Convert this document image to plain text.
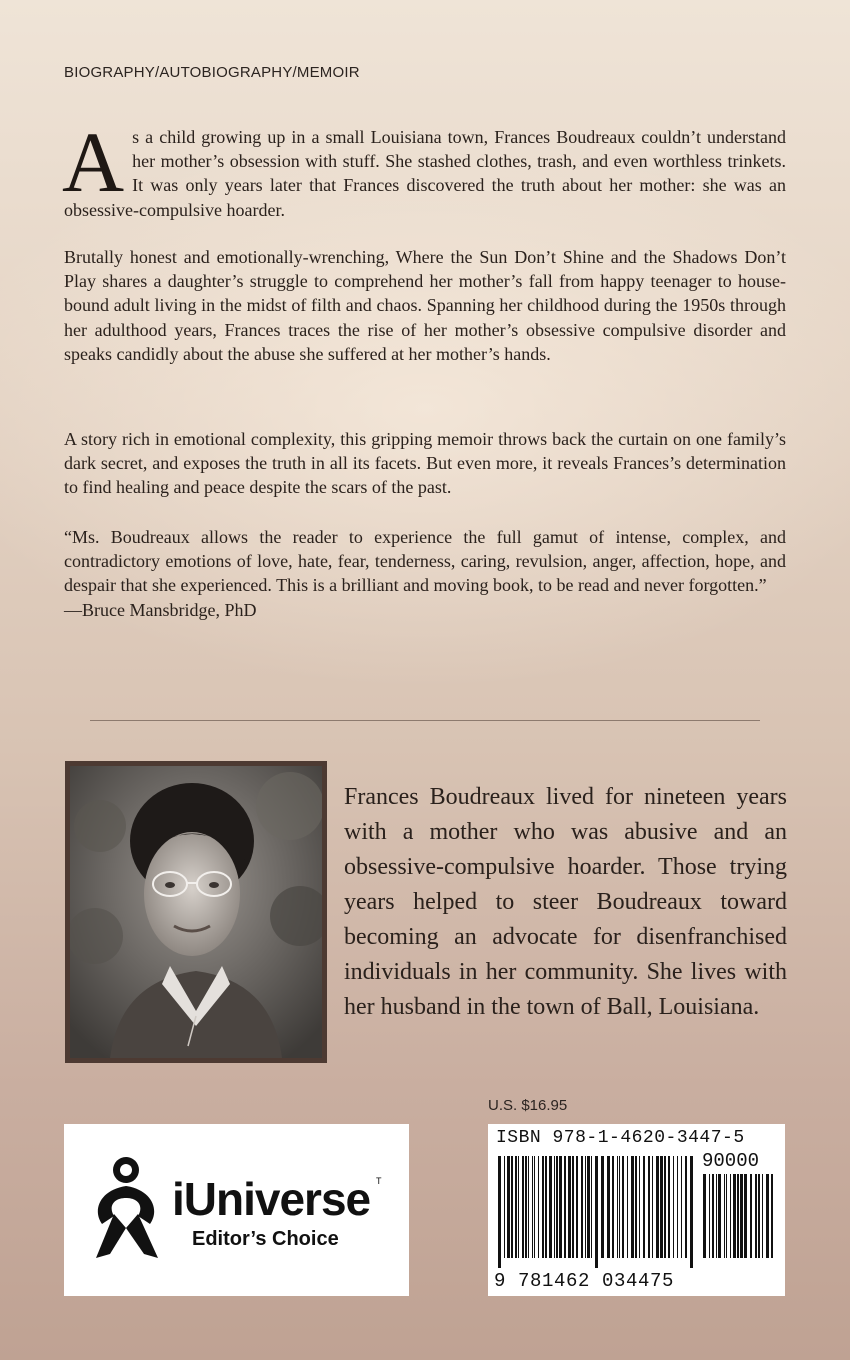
BIOGRAPHY/AUTOBIOGRAPHY/MEMOIR

As a child growing up in a small Louisiana town, Frances Boudreaux couldn’t understand her mother’s obsession with stuff. She stashed clothes, trash, and even worthless trinkets. It was only years later that Frances discovered the truth about her mother: she was an obsessive-compulsive hoarder.

Brutally honest and emotionally-wrenching, Where the Sun Don’t Shine and the Shadows Don’t Play shares a daughter’s struggle to comprehend her mother’s fall from happy teenager to house-bound adult living in the midst of filth and chaos. Spanning her childhood during the 1950s through her adulthood years, Frances traces the rise of her mother’s obsessive compulsive disorder and speaks candidly about the abuse she suffered at her mother’s hands.

A story rich in emotional complexity, this gripping memoir throws back the curtain on one family’s dark secret, and exposes the truth in all its facets. But even more, it reveals Frances’s determination to find healing and peace despite the scars of the past.

“Ms. Boudreaux allows the reader to experience the full gamut of intense, complex, and contradictory emotions of love, hate, fear, tenderness, caring, revulsion, anger, affection, hope, and despair that she experienced. This is a brilliant and moving book, to be read and never forgotten.”
—Bruce Mansbridge, PhD

Frances Boudreaux lived for nineteen years with a mother who was abusive and an obsessive-compulsive hoarder. Those trying years helped to steer Boudreaux toward becoming an advocate for disenfranchised individuals in her community. She lives with her husband in the town of Ball, Louisiana.

U.S. $16.95
iUniverse T
Editor’s Choice
ISBN 978-1-4620-3447-5
90000
9 781462 034475
